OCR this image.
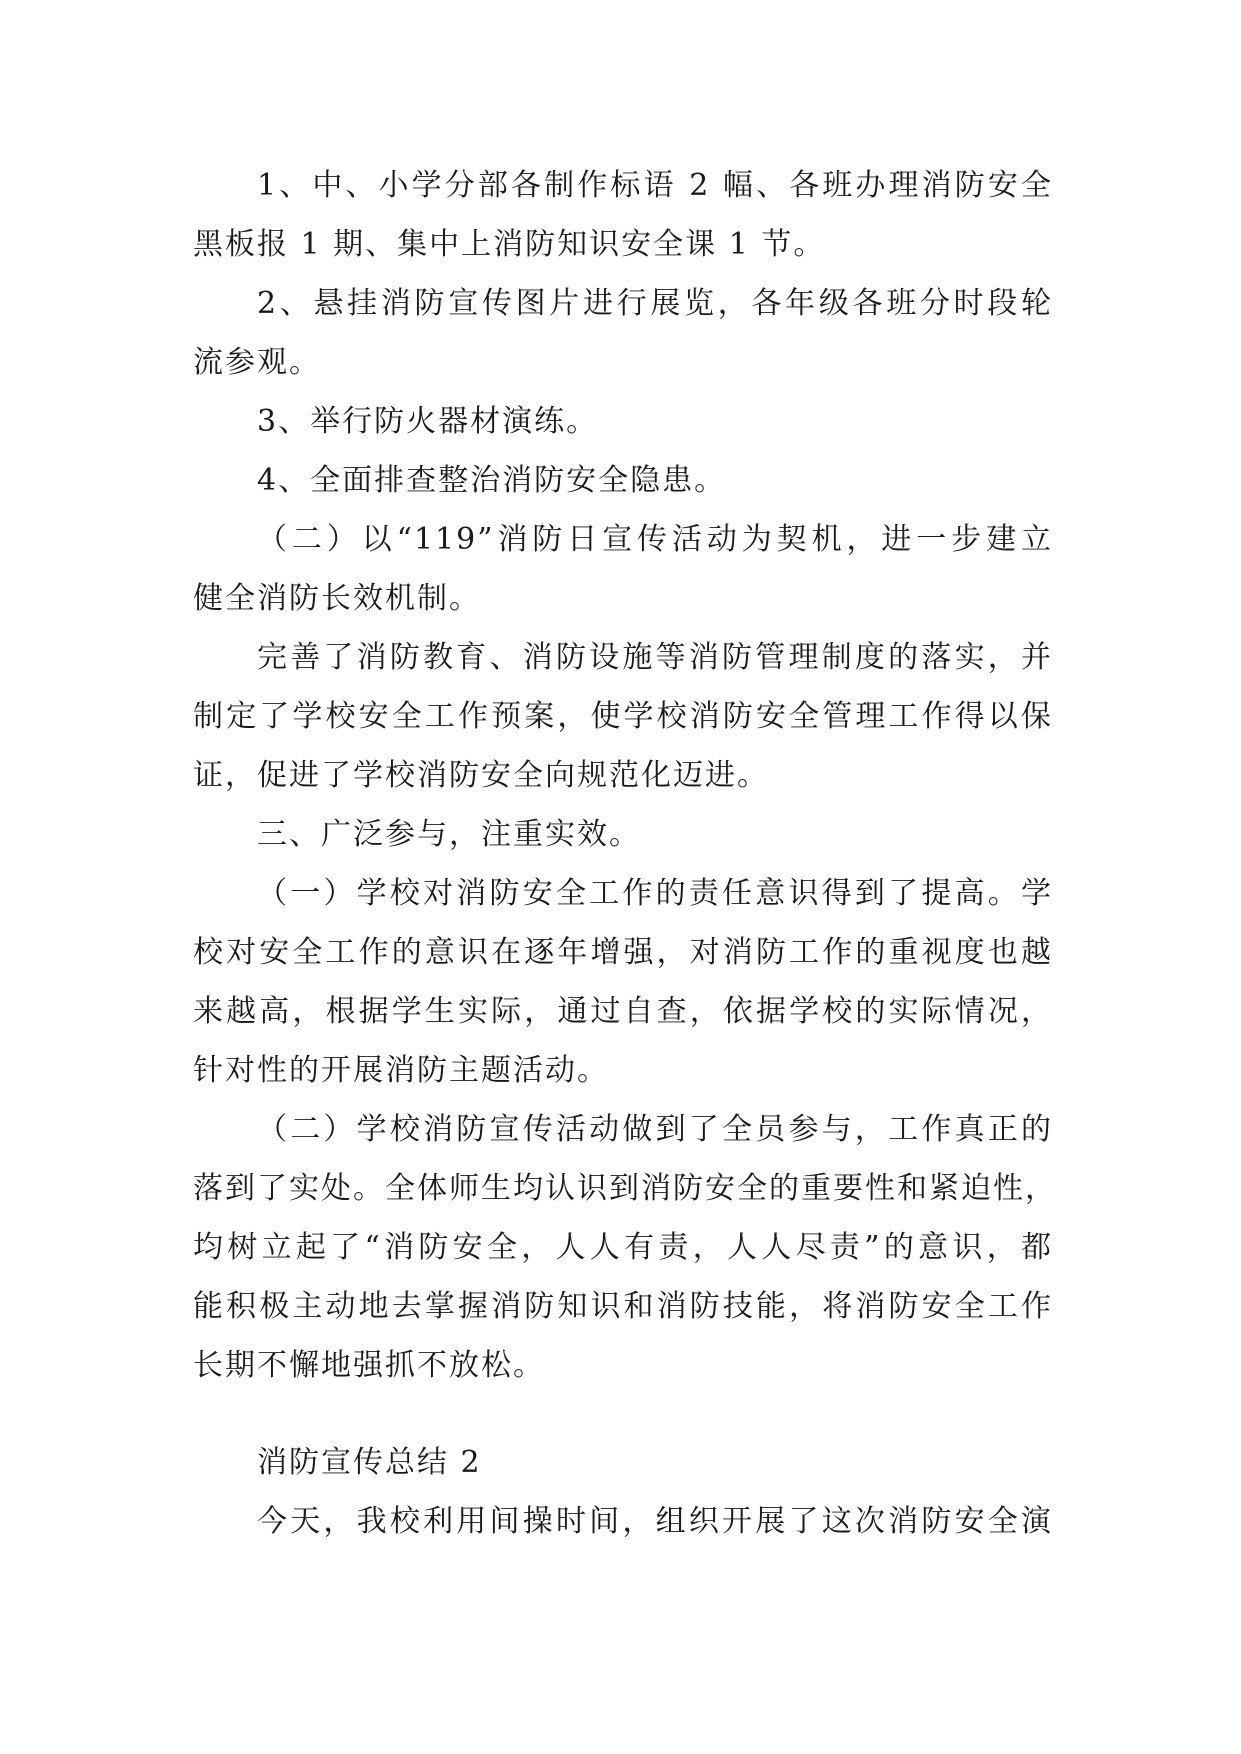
1、中、小学分部各制作标语 2 幅、各班办理消防安全
黑板报 1 期、集中上消防知识安全课 1 节。
2、悬挂消防宣传图片进行展览，各年级各班分时段轮
流参观。
3、举行防火器材演练。
4、全面排查整治消防安全隐患。
（二）以“119”消防日宣传活动为契机，进一步建立
健全消防长效机制。
完善了消防教育、消防设施等消防管理制度的落实，并
制定了学校安全工作预案，使学校消防安全管理工作得以保
证，促进了学校消防安全向规范化迈进。
三、广泛参与，注重实效。
（一）学校对消防安全工作的责任意识得到了提高。学
校对安全工作的意识在逐年增强，对消防工作的重视度也越
来越高，根据学生实际，通过自查，依据学校的实际情况，
针对性的开展消防主题活动。
（二）学校消防宣传活动做到了全员参与，工作真正的
落到了实处。全体师生均认识到消防安全的重要性和紧迫性，
均树立起了“消防安全，人人有责，人人尽责”的意识，都
能积极主动地去掌握消防知识和消防技能，将消防安全工作
长期不懈地强抓不放松。
消防宣传总结 2
今天，我校利用间操时间，组织开展了这次消防安全演
